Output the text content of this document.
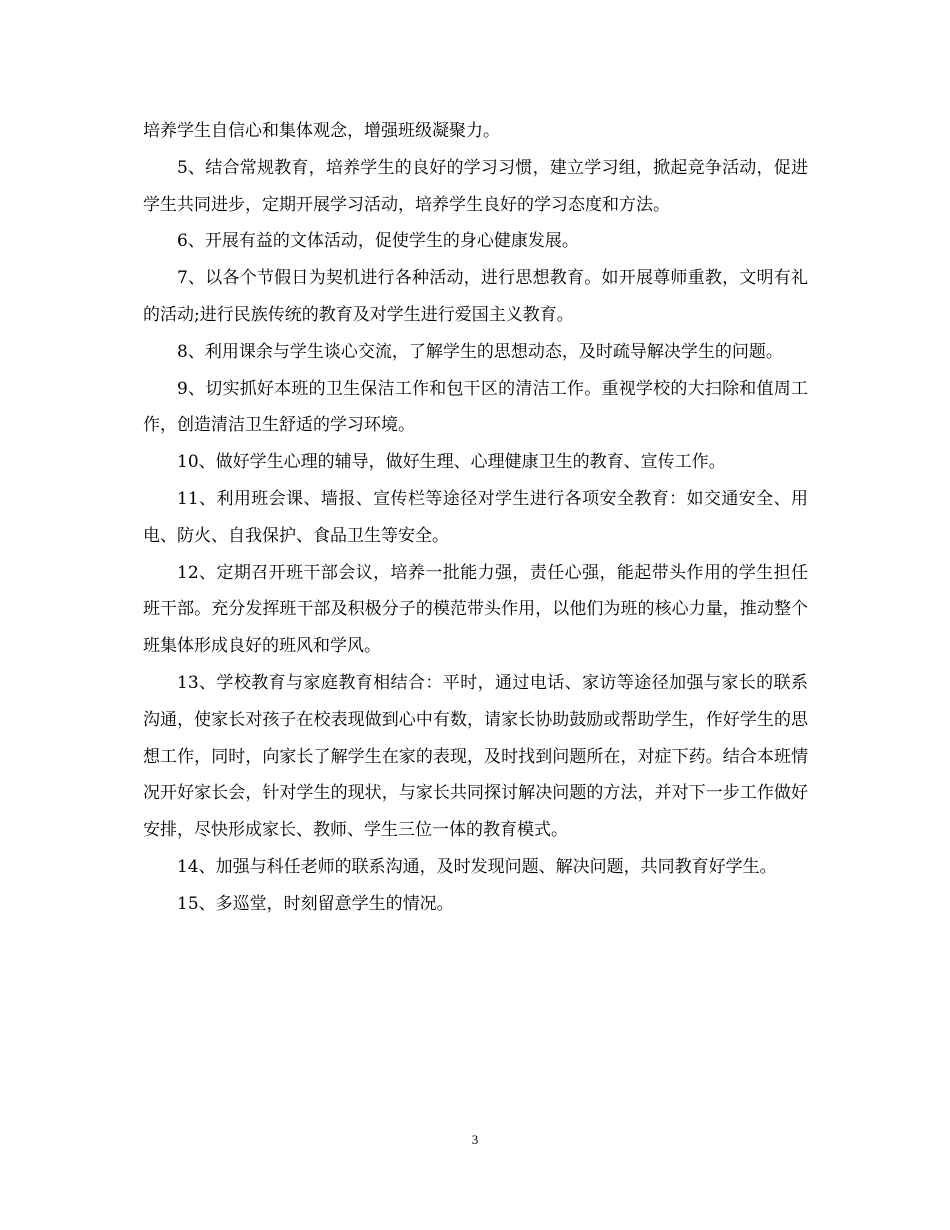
培养学生自信心和集体观念，增强班级凝聚力。

5、结合常规教育，培养学生的良好的学习习惯，建立学习组，掀起竞争活动，促进学生共同进步，定期开展学习活动，培养学生良好的学习态度和方法。

6、开展有益的文体活动，促使学生的身心健康发展。

7、以各个节假日为契机进行各种活动，进行思想教育。如开展尊师重教，文明有礼的活动;进行民族传统的教育及对学生进行爱国主义教育。

8、利用课余与学生谈心交流，了解学生的思想动态，及时疏导解决学生的问题。

9、切实抓好本班的卫生保洁工作和包干区的清洁工作。重视学校的大扫除和值周工作，创造清洁卫生舒适的学习环境。

10、做好学生心理的辅导，做好生理、心理健康卫生的教育、宣传工作。

11、利用班会课、墙报、宣传栏等途径对学生进行各项安全教育：如交通安全、用电、防火、自我保护、食品卫生等安全。

12、定期召开班干部会议，培养一批能力强，责任心强，能起带头作用的学生担任班干部。充分发挥班干部及积极分子的模范带头作用，以他们为班的核心力量，推动整个班集体形成良好的班风和学风。

13、学校教育与家庭教育相结合：平时，通过电话、家访等途径加强与家长的联系沟通，使家长对孩子在校表现做到心中有数，请家长协助鼓励或帮助学生，作好学生的思想工作，同时，向家长了解学生在家的表现，及时找到问题所在，对症下药。结合本班情况开好家长会，针对学生的现状，与家长共同探讨解决问题的方法，并对下一步工作做好安排，尽快形成家长、教师、学生三位一体的教育模式。

14、加强与科任老师的联系沟通，及时发现问题、解决问题，共同教育好学生。

15、多巡堂，时刻留意学生的情况。

3
